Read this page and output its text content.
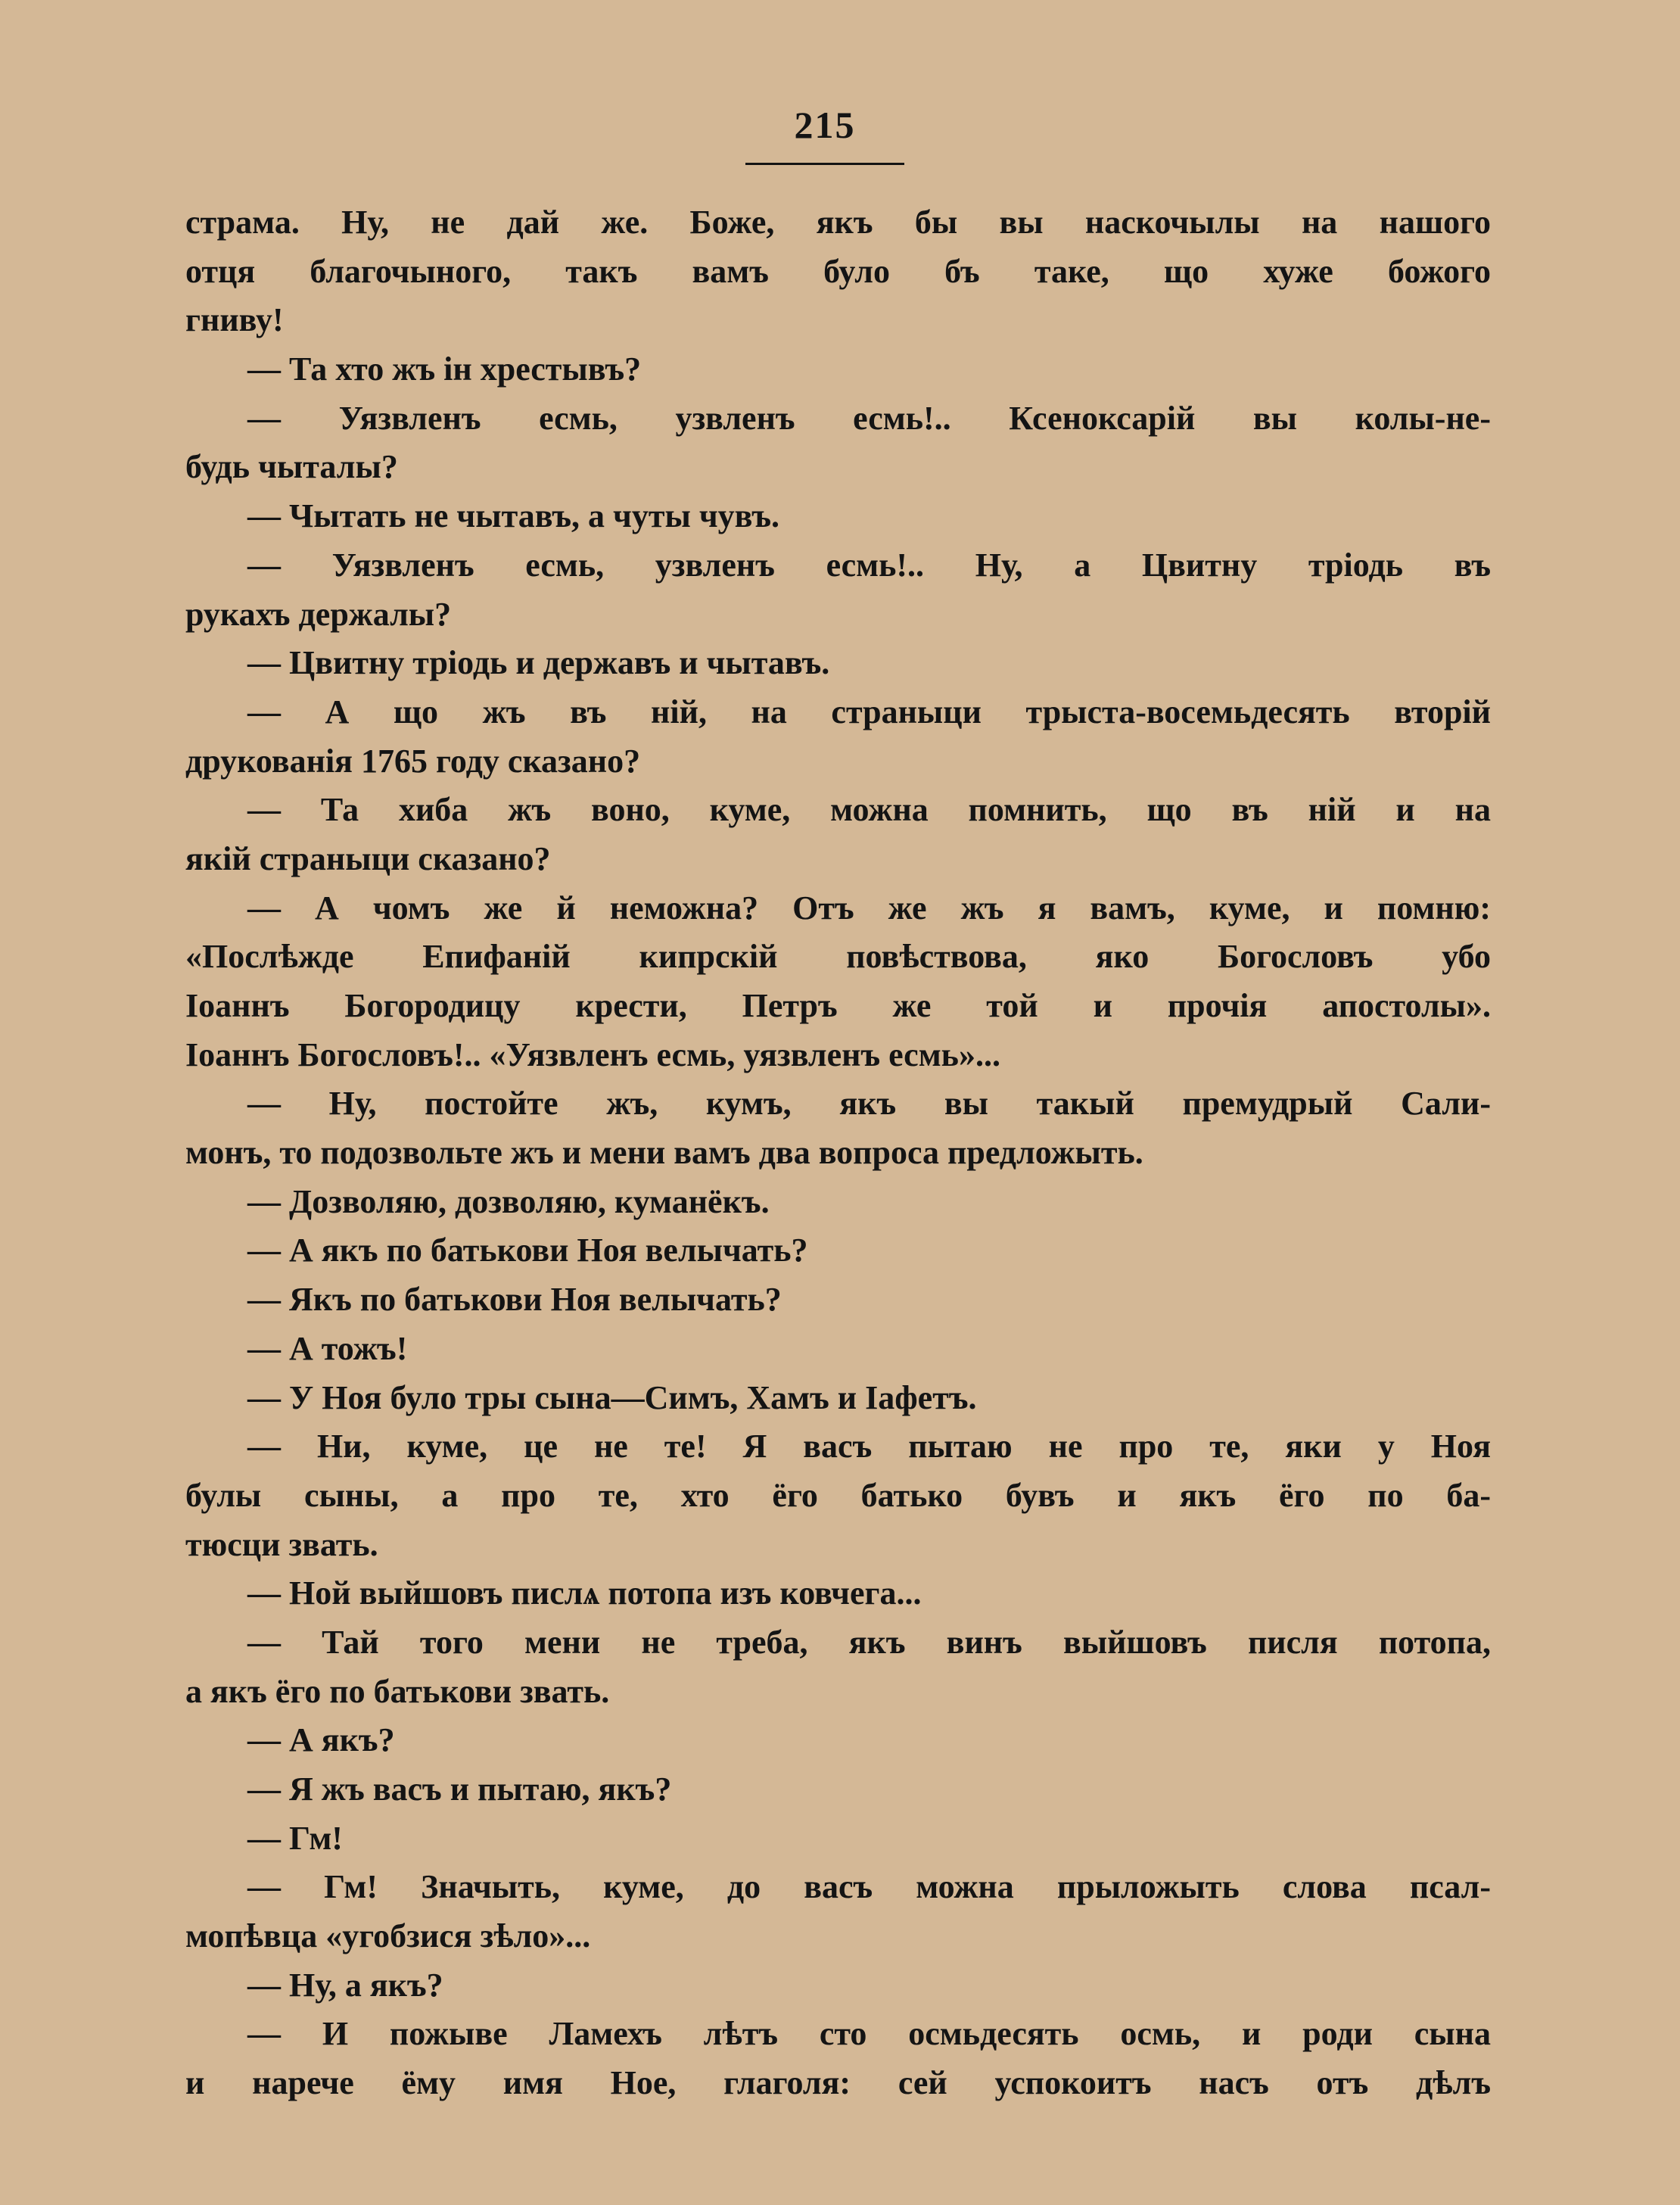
215
страма. Ну, не дай же. Боже, якъ бы вы наскочылы на нашого
отця благочыного, такъ вамъ було бъ таке, що хуже божого
гниву!
— Та хто жъ ін хрестывъ?
— Уязвленъ есмь, узвленъ есмь!.. Ксеноксарій вы колы-не-
будь чыталы?
— Чытать не чытавъ, а чуты чувъ.
— Уязвленъ есмь, узвленъ есмь!.. Ну, а Цвитну тріодь въ
рукахъ держалы?
— Цвитну тріодь и державъ и чытавъ.
— А що жъ въ ній, на страныци трыста-восемьдесять вторій
друкованія 1765 году сказано?
— Та хиба жъ воно, куме, можна помнить, що въ ній и на
якій страныци сказано?
— А чомъ же й неможна? Отъ же жъ я вамъ, куме, и помню:
«Послѣжде Епифаній кипрскій повѣствова, яко Богословъ убо
Іоаннъ Богородицу крести, Петръ же той и прочія апостолы».
Іоаннъ Богословъ!.. «Уязвленъ есмь, уязвленъ есмь»...
— Ну, постойте жъ, кумъ, якъ вы такый премудрый Сали-
монъ, то подозвольте жъ и мени вамъ два вопроса предложыть.
— Дозволяю, дозволяю, куманёкъ.
— А якъ по батькови Ноя велычать?
— Якъ по батькови Ноя велычать?
— А тожъ!
— У Ноя було тры сына—Симъ, Хамъ и Іафетъ.
— Ни, куме, це не те! Я васъ пытаю не про те, яки у Ноя
булы сыны, а про те, хто ёго батько бувъ и якъ ёго по ба-
тюсци звать.
— Ной выйшовъ пислѧ потопа изъ ковчега...
— Тай того мени не треба, якъ винъ выйшовъ писля потопа,
а якъ ёго по батькови звать.
— А якъ?
— Я жъ васъ и пытаю, якъ?
— Гм!
— Гм! Значыть, куме, до васъ можна прыложыть слова псал-
мопѣвца «угобзися зѣло»...
— Ну, а якъ?
— И пожыве Ламехъ лѣтъ сто осмьдесять осмь, и роди сына
и нарече ёму имя Ное, глаголя: сей успокоитъ насъ отъ дѣлъ
